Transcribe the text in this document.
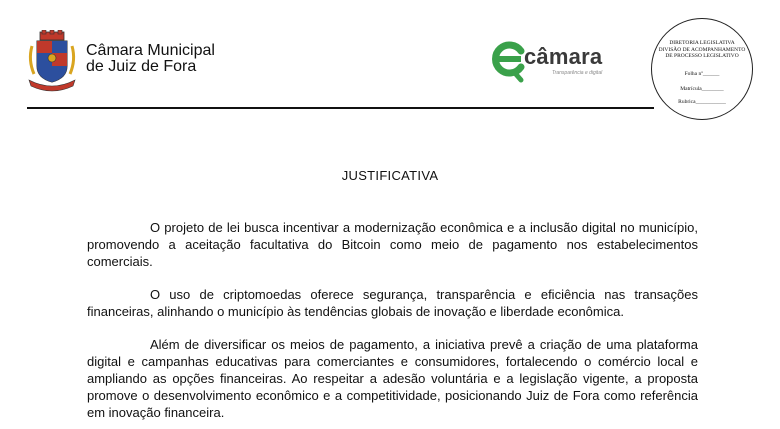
Câmara Municipal
de Juiz de Fora	câmara
Transparência e digital
DIRETORIA LEGISLATIVA
DIVISÃO DE ACOMPANHAMENTO
DE PROCESSO LEGISLATIVO
Folha nº______
Matrícula________
Rubrica___________
JUSTIFICATIVA

O projeto de lei busca incentivar a modernização econômica e a inclusão digital no município, promovendo a aceitação facultativa do Bitcoin como meio de pagamento nos estabelecimentos comerciais.

O uso de criptomoedas oferece segurança, transparência e eficiência nas transações financeiras, alinhando o município às tendências globais de inovação e liberdade econômica.

Além de diversificar os meios de pagamento, a iniciativa prevê a criação de uma plataforma digital e campanhas educativas para comerciantes e consumidores, fortalecendo o comércio local e ampliando as opções financeiras. Ao respeitar a adesão voluntária e a legislação vigente, a proposta promove o desenvolvimento econômico e a competitividade, posicionando Juiz de Fora como referência em inovação financeira.
